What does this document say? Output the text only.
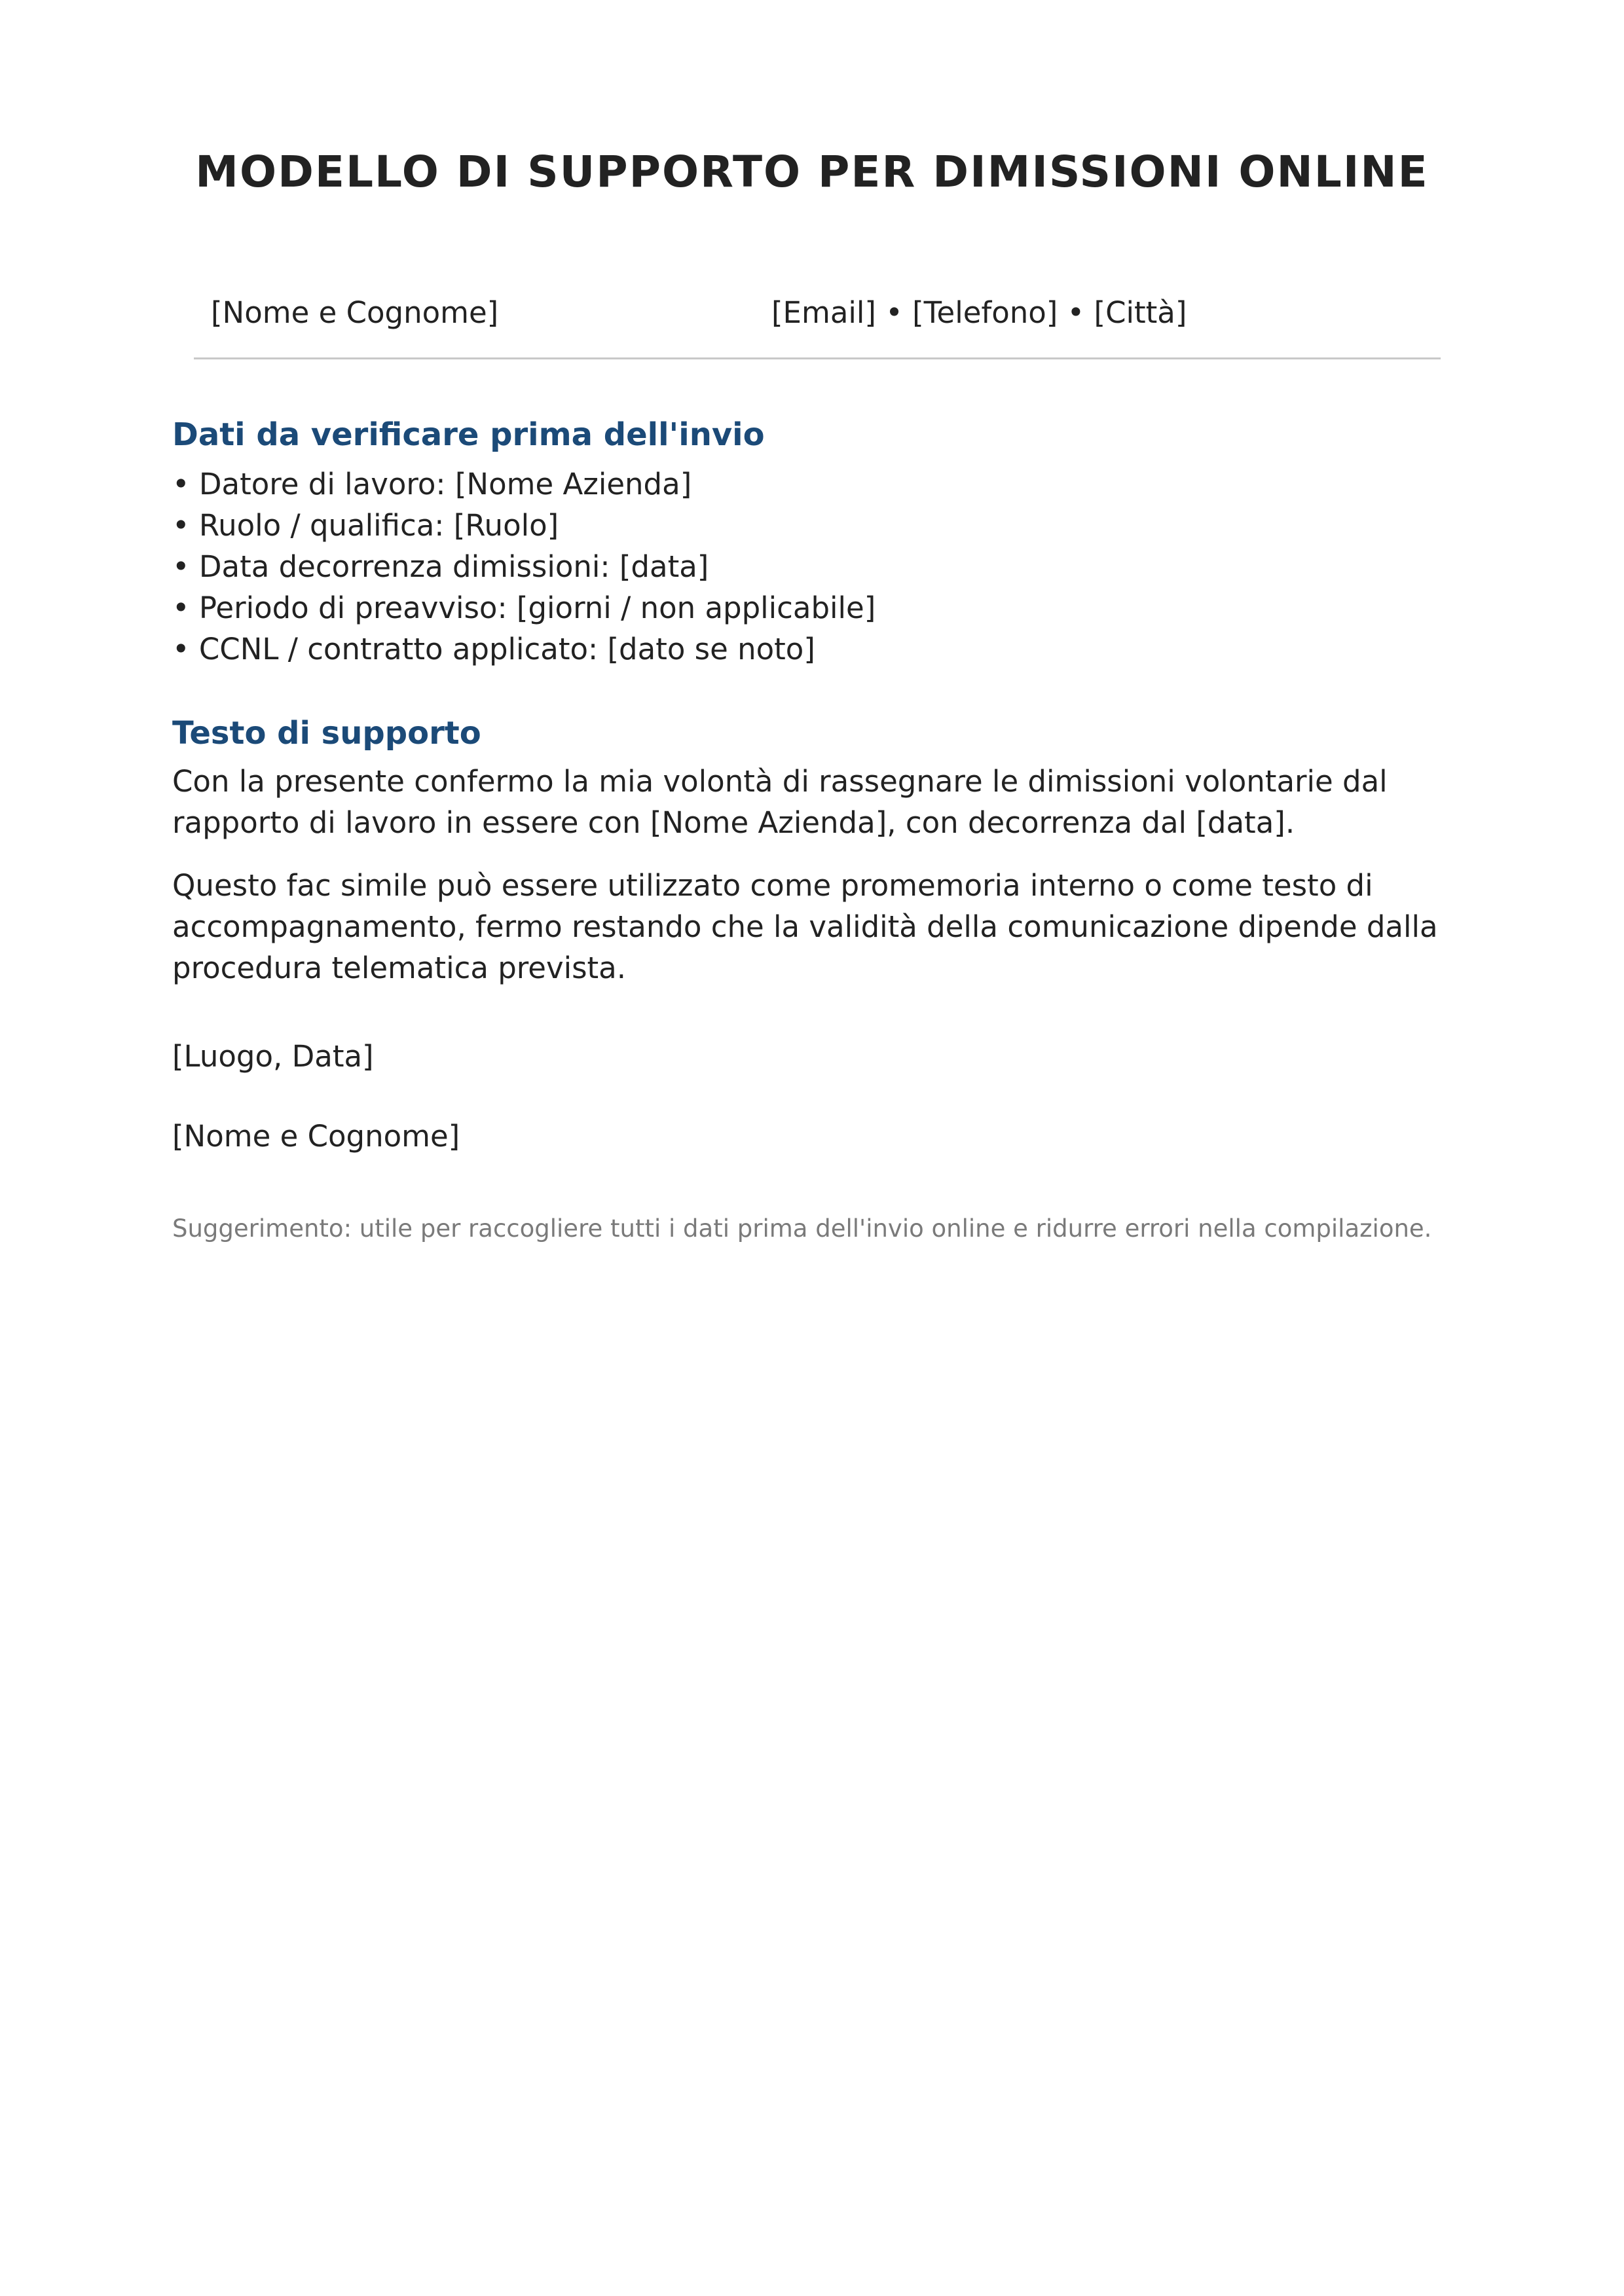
MODELLO DI SUPPORTO PER DIMISSIONI ONLINE
[Nome e Cognome]	[Email] • [Telefono] • [Città]
Dati da verificare prima dell'invio
• Datore di lavoro: [Nome Azienda]
• Ruolo / qualifica: [Ruolo]
• Data decorrenza dimissioni: [data]
• Periodo di preavviso: [giorni / non applicabile]
• CCNL / contratto applicato: [dato se noto]
Testo di supporto

Con la presente confermo la mia volontà di rassegnare le dimissioni volontarie dal rapporto di lavoro in essere con [Nome Azienda], con decorrenza dal [data].

Questo fac simile può essere utilizzato come promemoria interno o come testo di accompagnamento, fermo restando che la validità della comunicazione dipende dalla procedura telematica prevista.

[Luogo, Data]

[Nome e Cognome]

Suggerimento: utile per raccogliere tutti i dati prima dell'invio online e ridurre errori nella compilazione.
